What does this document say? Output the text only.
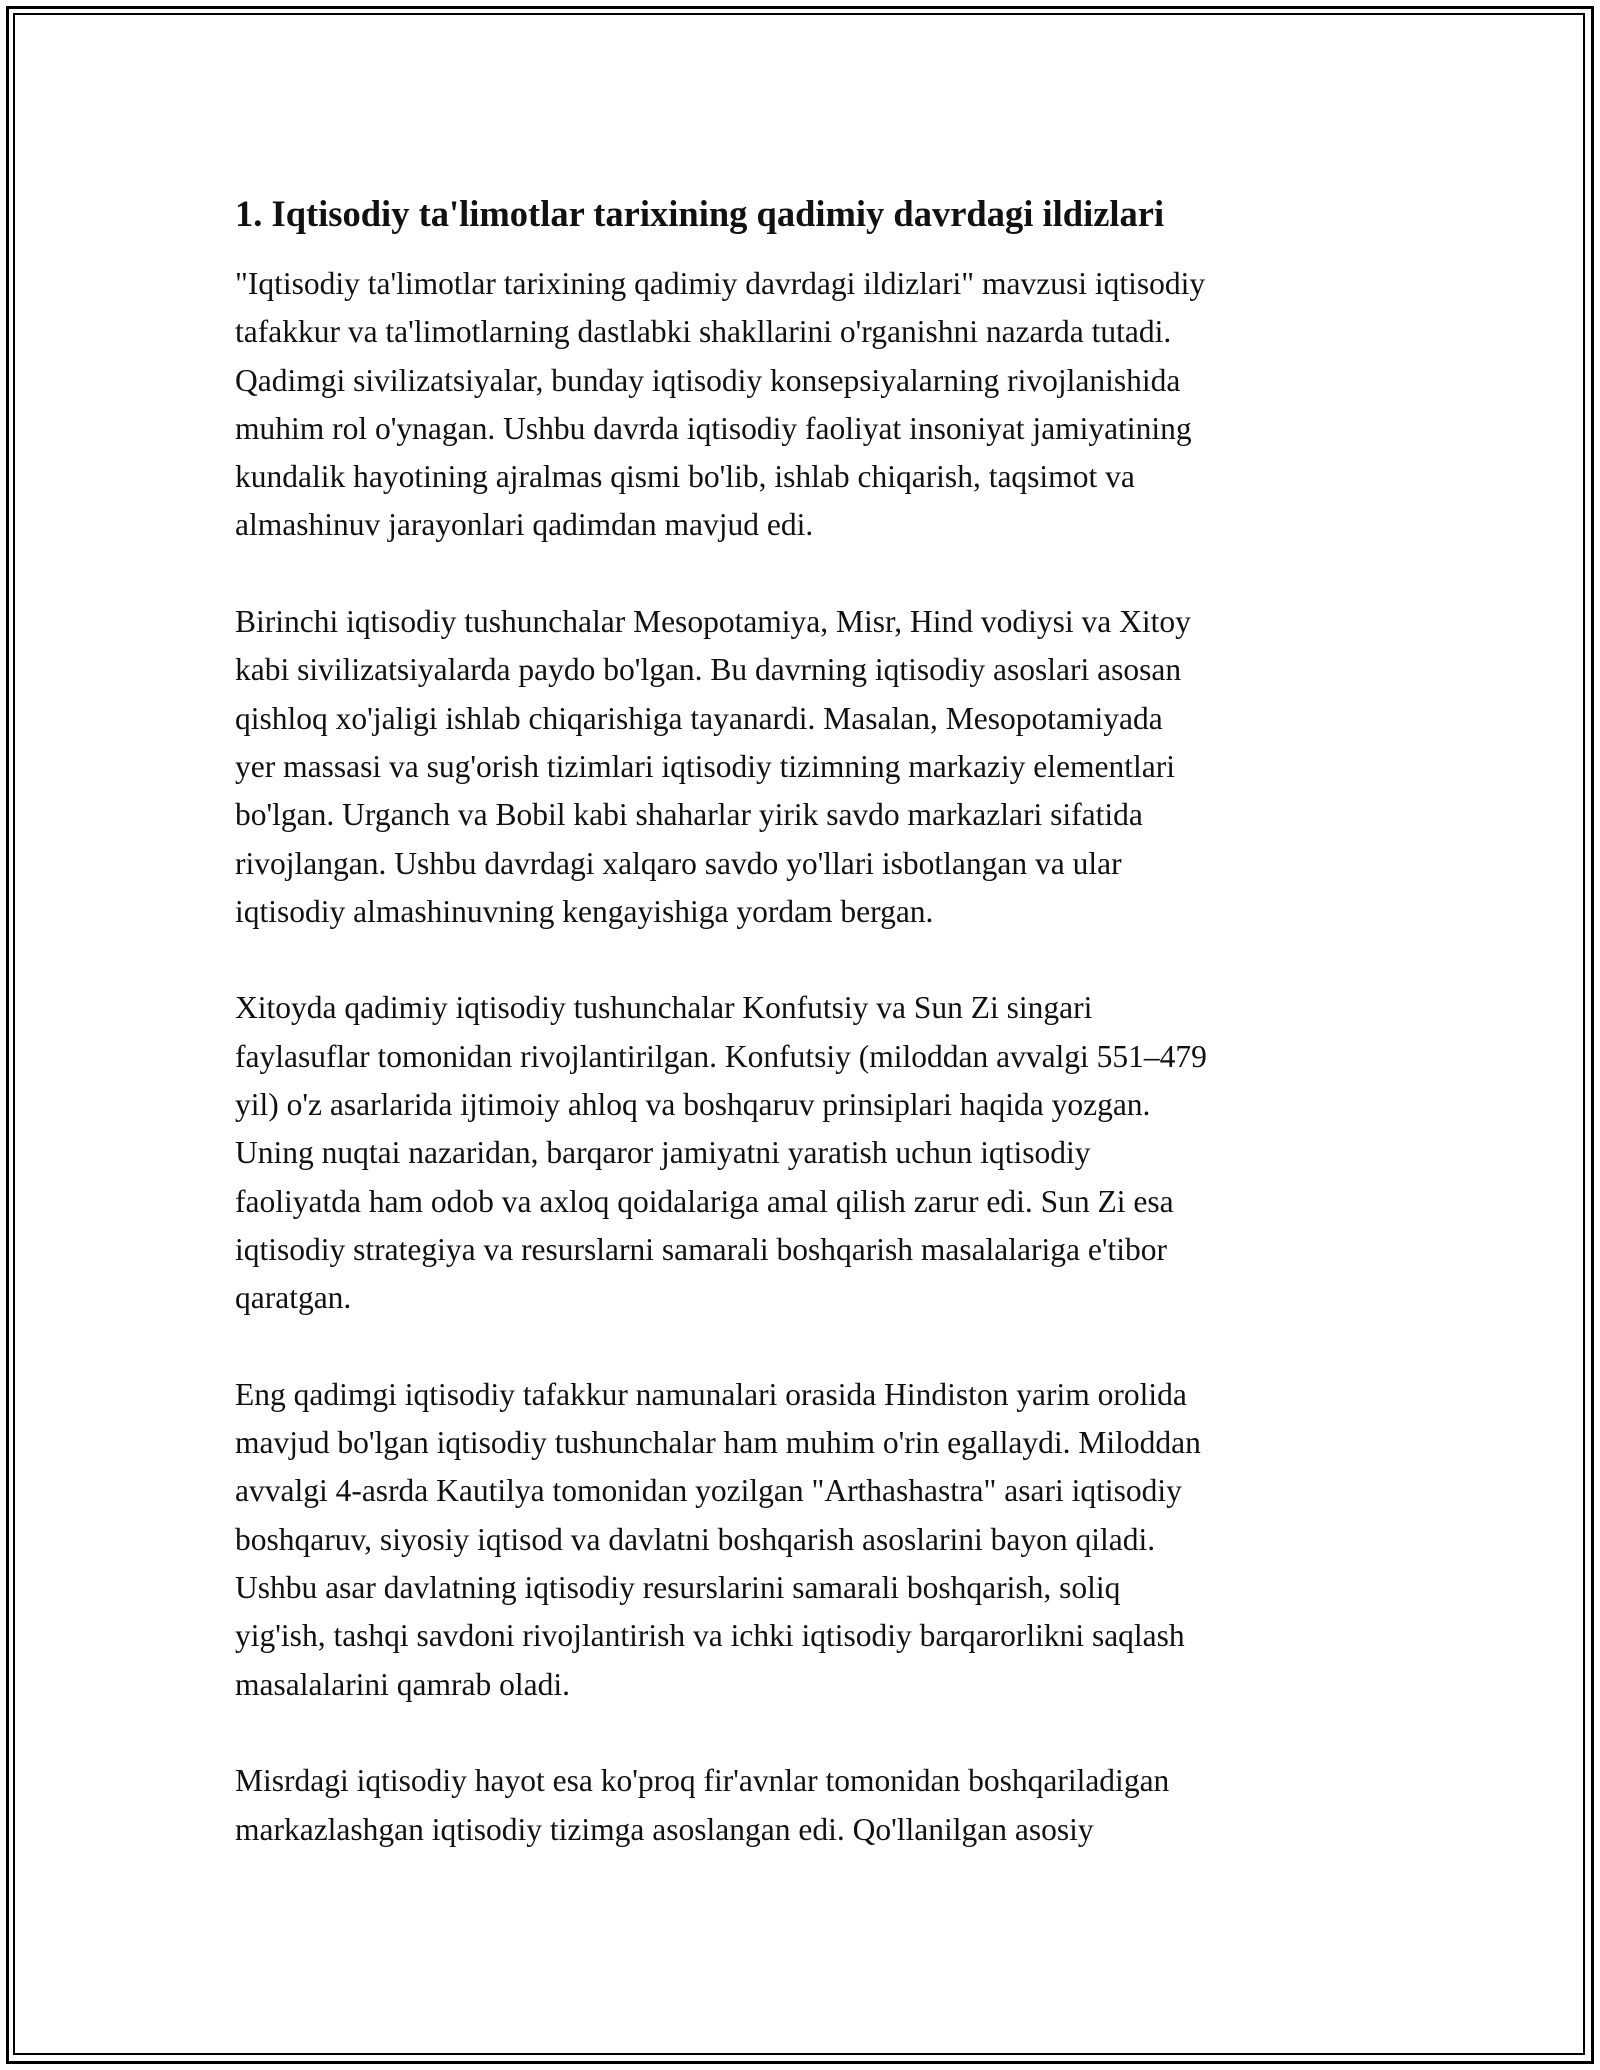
1. Iqtisodiy ta'limotlar tarixining qadimiy davrdagi ildizlari

"Iqtisodiy ta'limotlar tarixining qadimiy davrdagi ildizlari" mavzusi iqtisodiy
tafakkur va ta'limotlarning dastlabki shakllarini o'rganishni nazarda tutadi.
Qadimgi sivilizatsiyalar, bunday iqtisodiy konsepsiyalarning rivojlanishida
muhim rol o'ynagan. Ushbu davrda iqtisodiy faoliyat insoniyat jamiyatining
kundalik hayotining ajralmas qismi bo'lib, ishlab chiqarish, taqsimot va
almashinuv jarayonlari qadimdan mavjud edi.

Birinchi iqtisodiy tushunchalar Mesopotamiya, Misr, Hind vodiysi va Xitoy
kabi sivilizatsiyalarda paydo bo'lgan. Bu davrning iqtisodiy asoslari asosan
qishloq xo'jaligi ishlab chiqarishiga tayanardi. Masalan, Mesopotamiyada
yer massasi va sug'orish tizimlari iqtisodiy tizimning markaziy elementlari
bo'lgan. Urganch va Bobil kabi shaharlar yirik savdo markazlari sifatida
rivojlangan. Ushbu davrdagi xalqaro savdo yo'llari isbotlangan va ular
iqtisodiy almashinuvning kengayishiga yordam bergan.

Xitoyda qadimiy iqtisodiy tushunchalar Konfutsiy va Sun Zi singari
faylasuflar tomonidan rivojlantirilgan. Konfutsiy (miloddan avvalgi 551–479
yil) o'z asarlarida ijtimoiy ahloq va boshqaruv prinsiplari haqida yozgan.
Uning nuqtai nazaridan, barqaror jamiyatni yaratish uchun iqtisodiy
faoliyatda ham odob va axloq qoidalariga amal qilish zarur edi. Sun Zi esa
iqtisodiy strategiya va resurslarni samarali boshqarish masalalariga e'tibor
qaratgan.

Eng qadimgi iqtisodiy tafakkur namunalari orasida Hindiston yarim orolida
mavjud bo'lgan iqtisodiy tushunchalar ham muhim o'rin egallaydi. Miloddan
avvalgi 4-asrda Kautilya tomonidan yozilgan "Arthashastra" asari iqtisodiy
boshqaruv, siyosiy iqtisod va davlatni boshqarish asoslarini bayon qiladi.
Ushbu asar davlatning iqtisodiy resurslarini samarali boshqarish, soliq
yig'ish, tashqi savdoni rivojlantirish va ichki iqtisodiy barqarorlikni saqlash
masalalarini qamrab oladi.

Misrdagi iqtisodiy hayot esa ko'proq fir'avnlar tomonidan boshqariladigan
markazlashgan iqtisodiy tizimga asoslangan edi. Qo'llanilgan asosiy
